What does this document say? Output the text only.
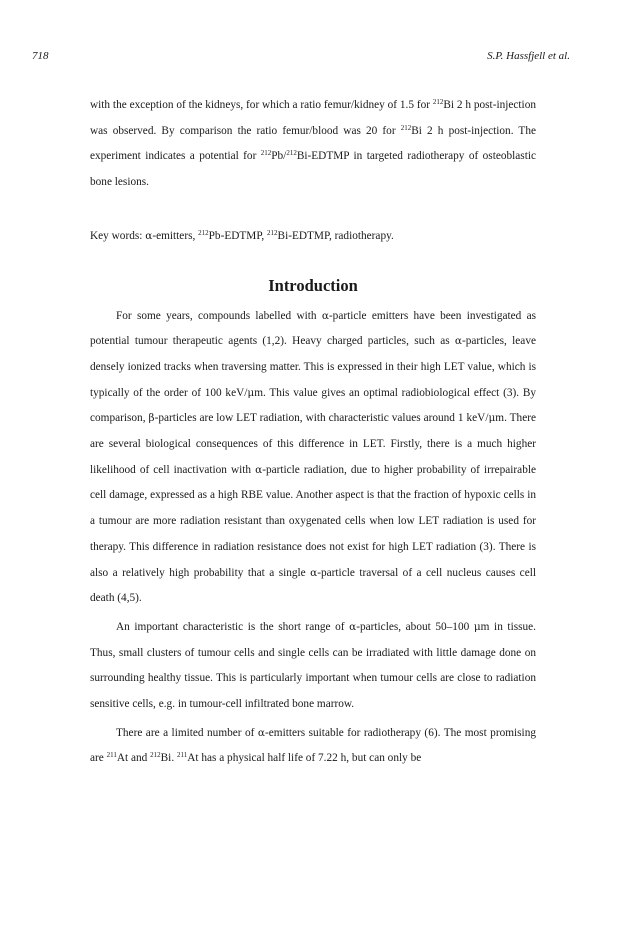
718	S.P. Hassfjell et al.

with the exception of the kidneys, for which a ratio femur/kidney of 1.5 for $^{212}$Bi 2 h post-injection was observed. By comparison the ratio femur/blood was 20 for $^{212}$Bi 2 h post-injection. The experiment indicates a potential for $^{212}$Pb/$^{212}$Bi-EDTMP in targeted radiotherapy of osteoblastic bone lesions.

Key words: α-emitters, $^{212}$Pb-EDTMP, $^{212}$Bi-EDTMP, radiotherapy.

Introduction

For some years, compounds labelled with α-particle emitters have been investigated as potential tumour therapeutic agents (1,2). Heavy charged particles, such as α-particles, leave densely ionized tracks when traversing matter. This is expressed in their high LET value, which is typically of the order of 100 keV/μm. This value gives an optimal radiobiological effect (3). By comparison, β-particles are low LET radiation, with characteristic values around 1 keV/μm. There are several biological consequences of this difference in LET. Firstly, there is a much higher likelihood of cell inactivation with α-particle radiation, due to higher probability of irrepairable cell damage, expressed as a high RBE value. Another aspect is that the fraction of hypoxic cells in a tumour are more radiation resistant than oxygenated cells when low LET radiation is used for therapy. This difference in radiation resistance does not exist for high LET radiation (3). There is also a relatively high probability that a single α-particle traversal of a cell nucleus causes cell death (4,5).

An important characteristic is the short range of α-particles, about 50–100 μm in tissue. Thus, small clusters of tumour cells and single cells can be irradiated with little damage done on surrounding healthy tissue. This is particularly important when tumour cells are close to radiation sensitive cells, e.g. in tumour-cell infiltrated bone marrow.

There are a limited number of α-emitters suitable for radiotherapy (6). The most promising are $^{211}$At and $^{212}$Bi. $^{211}$At has a physical half life of 7.22 h, but can only be
